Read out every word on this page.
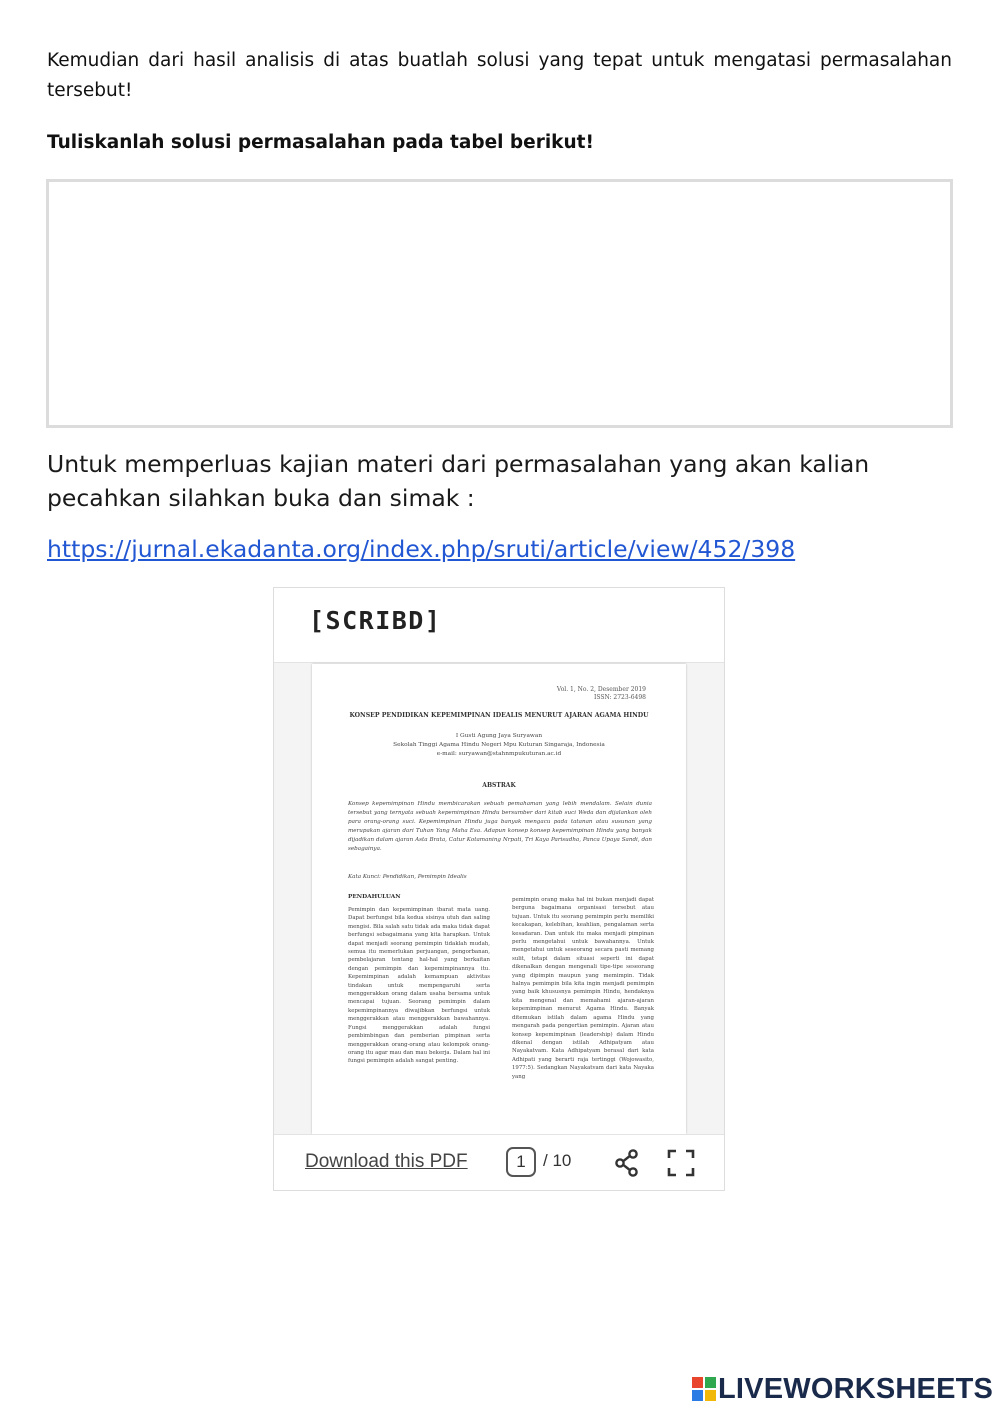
Kemudian dari hasil analisis di atas buatlah solusi yang tepat untuk mengatasi permasalahan tersebut!
Tuliskanlah solusi permasalahan pada tabel berikut!
Untuk memperluas kajian materi dari permasalahan yang akan kalian pecahkan silahkan buka dan simak :
https://jurnal.ekadanta.org/index.php/sruti/article/view/452/398
[SCRIBD]
Vol. 1, No. 2, Desember 2019
ISSN: 2723-6498
KONSEP PENDIDIKAN KEPEMIMPINAN IDEALIS MENURUT AJARAN AGAMA HINDU
I Gusti Agung Jaya Suryawan
Sekolah Tinggi Agama Hindu Negeri Mpu Kuturan Singaraja, Indonesia
e-mail: suryawan@stahnmpukuturan.ac.id
ABSTRAK
Konsep kepemimpinan Hindu membicarakan sebuah pemahaman yang lebih mendalam. Selain dunia tersebut yang ternyata sebuah kepemimpinan Hindu bersumber dari kitab suci Weda dan dijalankan oleh para orang-orang suci. Kepemimpinan Hindu juga banyak mengacu pada tatanan atau susunan yang merupakan ajaran dari Tuhan Yang Maha Esa. Adapun konsep konsep kepemimpinan Hindu yang banyak dijadikan dalam ajaran Asta Brata, Catur Kotamaning Nrpati, Tri Kaya Parisudha, Panca Upaya Sandi, dan sebagainya.
Kata Kunci: Pendidikan, Pemimpin Idealis
PENDAHULUAN
Pemimpin dan kepemimpinan ibarat mata uang. Dapat berfungsi bila kedua sisinya utuh dan saling mengisi. Bila salah satu tidak ada maka tidak dapat berfungsi sebagaimana yang kita harapkan. Untuk dapat menjadi seorang pemimpin tidaklah mudah, semua itu memerlukan perjuangan, pengorbanan, pembelajaran tentang hal-hal yang berkaitan dengan pemimpin dan kepemimpinannya itu. Kepemimpinan adalah kemampuan aktivitas tindakan untuk mempengaruhi serta menggerakkan orang dalam usaha bersama untuk mencapai tujuan. Seorang pemimpin dalam kepemimpinannya diwajibkan berfungsi untuk menggerakkan atau menggerakkan bawahannya. Fungsi menggerakkan adalah fungsi pembimbingan dan pemberian pimpinan serta menggerakkan orang-orang atau kelompok orang-orang itu agar mau dan mau bekerja. Dalam hal ini fungsi pemimpin adalah sangat penting.
pemimpin orang maka hal ini bukan menjadi dapat berguna bagaimana organisasi tersebut atau tujuan. Untuk itu seorang pemimpin perlu memiliki kecakapan, kelebihan, keahlian, pengalaman serta kesadaran. Dan untuk itu maka menjadi pimpinan perlu mengetahui untuk bawahannya. Untuk mengetahui untuk seseorang secara pasti memang sulit, tetapi dalam situasi seperti ini dapat dikenalkan dengan mengenali tipe-tipe seseorang yang dipimpin maupun yang memimpin. Tidak halnya pemimpin bila kita ingin menjadi pemimpin yang baik khususnya pemimpin Hindu, hendaknya kita mengenal dan memahami ajaran-ajaran kepemimpinan menurut Agama Hindu. Banyak ditemukan istilah dalam agama Hindu yang mengarah pada pengertian pemimpin. Ajaran atau konsep kepemimpinan (leadership) dalam Hindu dikenal dengan istilah Adhipatyam atau Nayakatvam. Kata Adhipatyam berasal dari kata Adhipati yang berarti raja tertinggi (Wojowasito, 1977:5). Sedangkan Nayakatvam dari kata Nayaka yang
Download this PDF	1	/ 10
LIVEWORKSHEETS
